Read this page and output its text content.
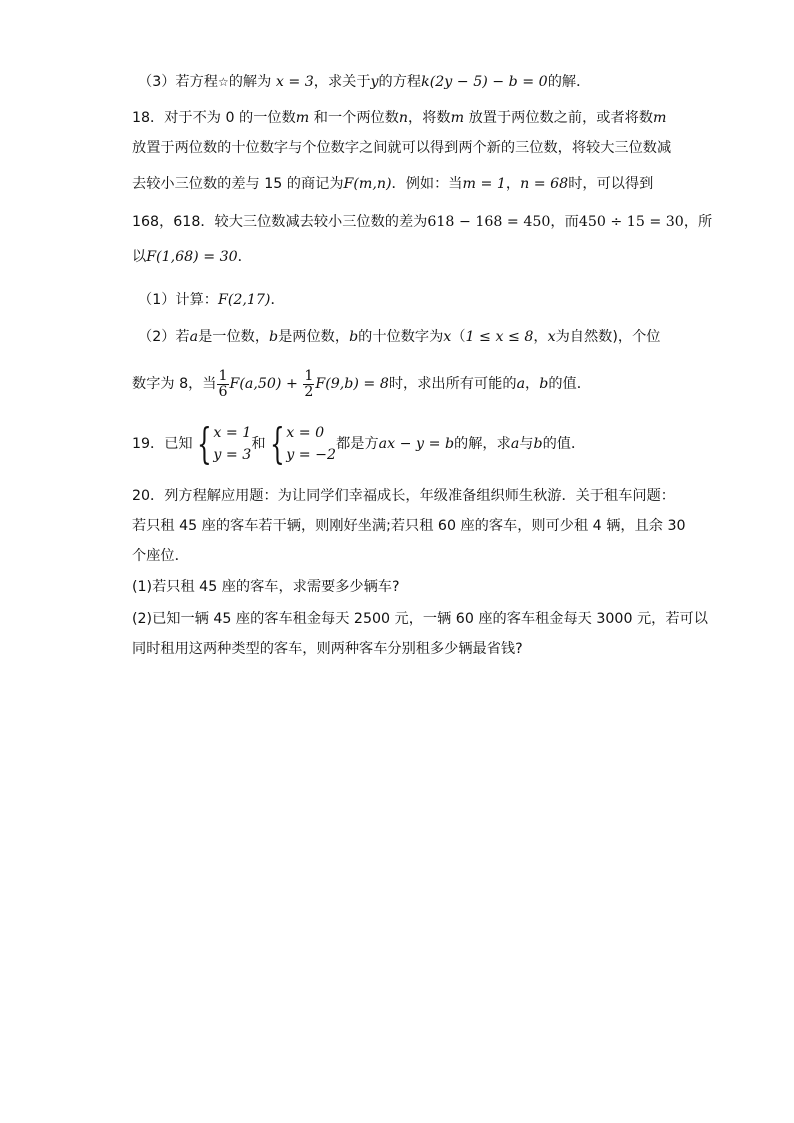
（3）若方程☆的解为 x = 3，求关于y的方程k(2y − 5) − b = 0的解．
18．对于不为 0 的一位数m 和一个两位数n，将数m 放置于两位数之前，或者将数m
放置于两位数的十位数字与个位数字之间就可以得到两个新的三位数，将较大三位数减
去较小三位数的差与 15 的商记为F(m,n)．例如：当m = 1，n = 68时，可以得到
168，618．较大三位数减去较小三位数的差为618 − 168 = 450，而450 ÷ 15 = 30，所
以F(1,68) = 30．
（1）计算：F(2,17)．
（2）若a是一位数，b是两位数，b的十位数字为x（1 ≤ x ≤ 8，x为自然数)，个位
数字为 8，当 $\frac{1}{6} F(a,50) + \frac{1}{2} F(9,b) = 8$时，求出所有可能的a，b的值．
19．已知 { x = 1
y = 3
和 { x = 0
y = −2
都是方ax − y = b的解，求a与b的值．
20．列方程解应用题：为让同学们幸福成长，年级准备组织师生秋游．关于租车问题：
若只租 45 座的客车若干辆，则刚好坐满;若只租 60 座的客车，则可少租 4 辆，且余 30
个座位．
(1)若只租 45 座的客车，求需要多少辆车?
(2)已知一辆 45 座的客车租金每天 2500 元，一辆 60 座的客车租金每天 3000 元，若可以
同时租用这两种类型的客车，则两种客车分别租多少辆最省钱?
